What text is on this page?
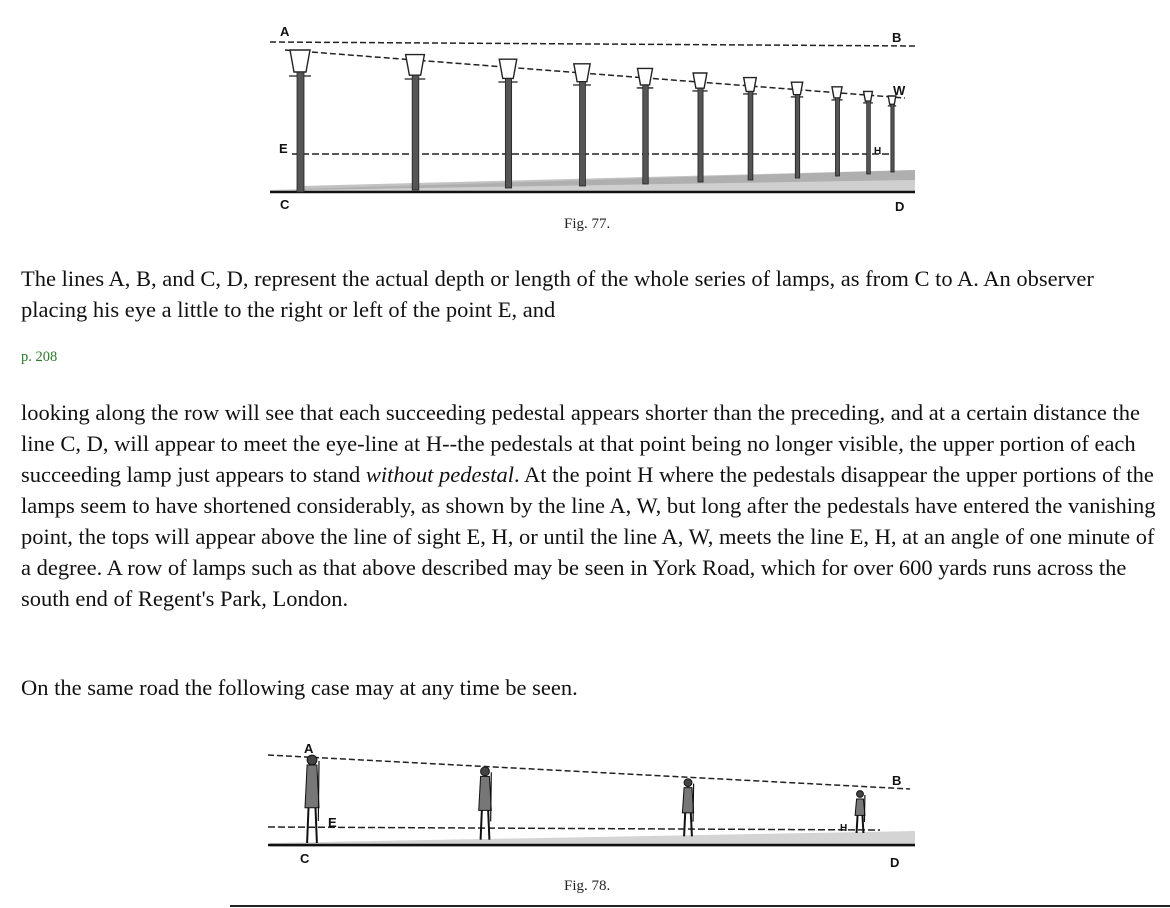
A	B
W
E	H
C	D
Fig. 77.

The lines A, B, and C, D, represent the actual depth or length of the whole series of lamps, as from C to A. An observer placing his eye a little to the right or left of the point E, and

p. 208

looking along the row will see that each succeeding pedestal appears shorter than the preceding, and at a certain distance the line C, D, will appear to meet the eye-line at H--the pedestals at that point being no longer visible, the upper portion of each succeeding lamp just appears to stand without pedestal. At the point H where the pedestals disappear the upper portions of the lamps seem to have shortened considerably, as shown by the line A, W, but long after the pedestals have entered the vanishing point, the tops will appear above the line of sight E, H, or until the line A, W, meets the line E, H, at an angle of one minute of a degree. A row of lamps such as that above described may be seen in York Road, which for over 600 yards runs across the south end of Regent's Park, London.

On the same road the following case may at any time be seen.

A
B
E	H
C	D
Fig. 78.
